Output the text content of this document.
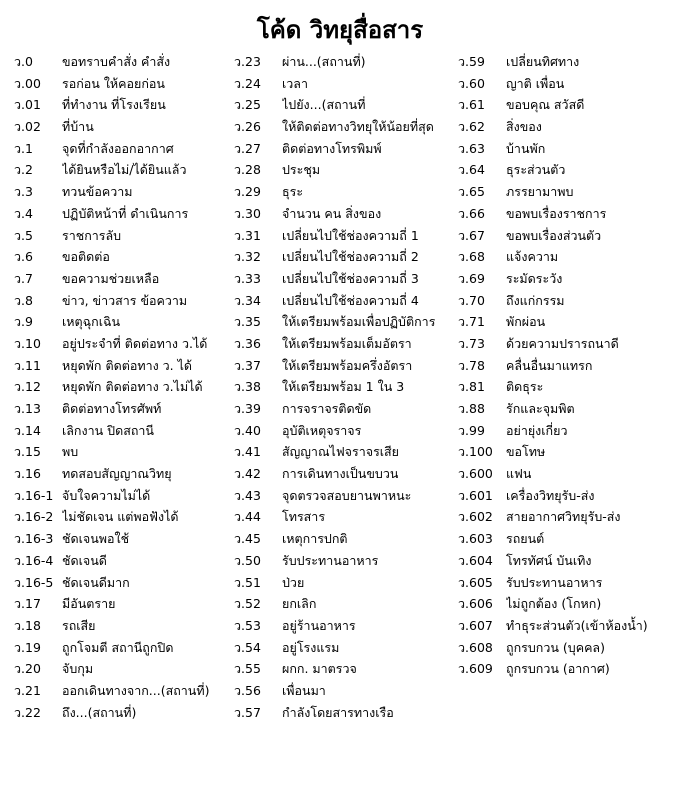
โค้ด วิทยุสื่อสาร
ว.0	ขอทราบคำสั่ง คำสั่ง
ว.00	รอก่อน ให้คอยก่อน
ว.01	ที่ทำงาน ที่โรงเรียน
ว.02	ที่บ้าน
ว.1	จุดที่กำลังออกอากาศ
ว.2	ได้ยินหรือไม่/ได้ยินแล้ว
ว.3	ทวนข้อความ
ว.4	ปฏิบัติหน้าที่ ดำเนินการ
ว.5	ราชการลับ
ว.6	ขอติดต่อ
ว.7	ขอความช่วยเหลือ
ว.8	ข่าว, ข่าวสาร ข้อความ
ว.9	เหตุฉุกเฉิน
ว.10	อยู่ประจำที่ ติดต่อทาง ว.ได้
ว.11	หยุดพัก ติดต่อทาง ว. ได้
ว.12	หยุดพัก ติดต่อทาง ว.ไม่ได้
ว.13	ติดต่อทางโทรศัพท์
ว.14	เลิกงาน ปิดสถานี
ว.15	พบ
ว.16	ทดสอบสัญญาณวิทยุ
ว.16-1 จับใจความไม่ได้
ว.16-2 ไม่ชัดเจน แต่พอฟังได้
ว.16-3 ชัดเจนพอใช้
ว.16-4 ชัดเจนดี
ว.16-5 ชัดเจนดีมาก
ว.17	มีอันตราย
ว.18	รถเสีย
ว.19	ถูกโจมตี สถานีถูกปิด
ว.20	จับกุม
ว.21	ออกเดินทางจาก...(สถานที่)
ว.22	ถึง...(สถานที่)
ว.23	ผ่าน...(สถานที่)
ว.24	เวลา
ว.25	ไปยัง...(สถานที่
ว.26	ให้ติดต่อทางวิทยุให้น้อยที่สุด
ว.27	ติดต่อทางโทรพิมพ์
ว.28	ประชุม
ว.29	ธุระ
ว.30	จำนวน คน สิ่งของ
ว.31	เปลี่ยนไปใช้ช่องความถี่ 1
ว.32	เปลี่ยนไปใช้ช่องความถี่ 2
ว.33	เปลี่ยนไปใช้ช่องความถี่ 3
ว.34	เปลี่ยนไปใช้ช่องความถี่ 4
ว.35	ให้เตรียมพร้อมเพื่อปฏิบัติการ
ว.36	ให้เตรียมพร้อมเต็มอัตรา
ว.37	ให้เตรียมพร้อมครึ่งอัตรา
ว.38	ให้เตรียมพร้อม 1 ใน 3
ว.39	การจราจรติดขัด
ว.40	อุบัติเหตุจราจร
ว.41	สัญญาณไฟจราจรเสีย
ว.42	การเดินทางเป็นขบวน
ว.43	จุดตรวจสอบยานพาหนะ
ว.44	โทรสาร
ว.45	เหตุการปกติ
ว.50	รับประทานอาหาร
ว.51	ป่วย
ว.52	ยกเลิก
ว.53	อยู่ร้านอาหาร
ว.54	อยู่โรงแรม
ว.55	ผกก. มาตรวจ
ว.56	เพื่อนมา
ว.57	กำลังโดยสารทางเรือ
ว.59	เปลี่ยนทิศทาง
ว.60	ญาติ เพื่อน
ว.61	ขอบคุณ สวัสดี
ว.62	สิ่งของ
ว.63	บ้านพัก
ว.64	ธุระส่วนตัว
ว.65	ภรรยามาพบ
ว.66	ขอพบเรื่องราชการ
ว.67	ขอพบเรื่องส่วนตัว
ว.68	แจ้งความ
ว.69	ระมัดระวัง
ว.70	ถึงแก่กรรม
ว.71	พักผ่อน
ว.73	ด้วยความปรารถนาดี
ว.78	คลื่นอื่นมาแทรก
ว.81	ติดธุระ
ว.88	รักและจุมพิต
ว.99	อย่ายุ่งเกี่ยว
ว.100	ขอโทษ
ว.600	แฟน
ว.601	เครื่องวิทยุรับ-ส่ง
ว.602	สายอากาศวิทยุรับ-ส่ง
ว.603	รถยนต์
ว.604	โทรทัศน์ บันเทิง
ว.605	รับประทานอาหาร
ว.606	ไม่ถูกต้อง (โกหก)
ว.607	ทำธุระส่วนตัว(เข้าห้องน้ำ)
ว.608	ถูกรบกวน (บุคคล)
ว.609	ถูกรบกวน (อากาศ)
